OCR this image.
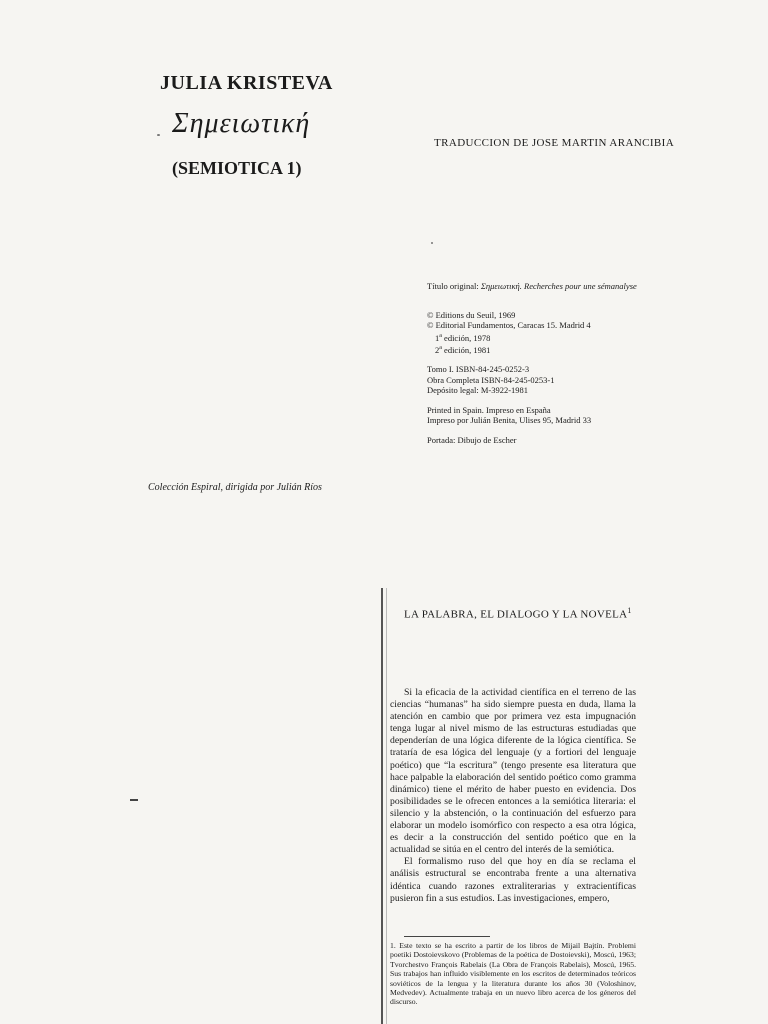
JULIA KRISTEVA
Σημειωτική
(SEMIOTICA 1)
TRADUCCION DE JOSE MARTIN ARANCIBIA
Colección Espiral, dirigida por Julián Ríos
Título original: Σημειωτική. Recherches pour une sémanalyse
© Editions du Seuil, 1969
© Editorial Fundamentos, Caracas 15. Madrid 4
1$^a$ edición, 1978
2$^a$ edición, 1981
Tomo I. ISBN-84-245-0252-3
Obra Completa ISBN-84-245-0253-1
Depósito legal: M-3922-1981
Printed in Spain. Impreso en España
Impreso por Julián Benita, Ulises 95, Madrid 33
Portada: Dibujo de Escher
LA PALABRA, EL DIALOGO Y LA NOVELA$^1$

Si la eficacia de la actividad científica en el terreno de las ciencias “humanas” ha sido siempre puesta en duda, llama la atención en cambio que por primera vez esta impugnación tenga lugar al nivel mismo de las estructuras estudiadas que dependerían de una lógica diferente de la lógica científica. Se trataría de esa lógica del lenguaje (y a fortiori del lenguaje poético) que “la escritura” (tengo presente esa literatura que hace palpable la elaboración del sentido poético como gramma dinámico) tiene el mérito de haber puesto en evidencia. Dos posibilidades se le ofrecen entonces a la semiótica literaria: el silencio y la abstención, o la continuación del esfuerzo para elaborar un modelo isomórfico con respecto a esa otra lógica, es decir a la construcción del sentido poético que en la actualidad se sitúa en el centro del interés de la semiótica.

El formalismo ruso del que hoy en día se reclama el análisis estructural se encontraba frente a una alternativa idéntica cuando razones extraliterarias y extracientíficas pusieron fin a sus estudios. Las investigaciones, empero,

1. Este texto se ha escrito a partir de los libros de Mijail Bajtín. Problemi poetiki Dostoievskovo (Problemas de la poética de Dostoievski), Moscú, 1963; Tvorchestvo François Rabelais (La Obra de François Rabelais), Moscú, 1965. Sus trabajos han influido visiblemente en los escritos de determinados teóricos soviéticos de la lengua y la literatura durante los años 30 (Voloshinov, Medvedev). Actualmente trabaja en un nuevo libro acerca de los géneros del discurso.
